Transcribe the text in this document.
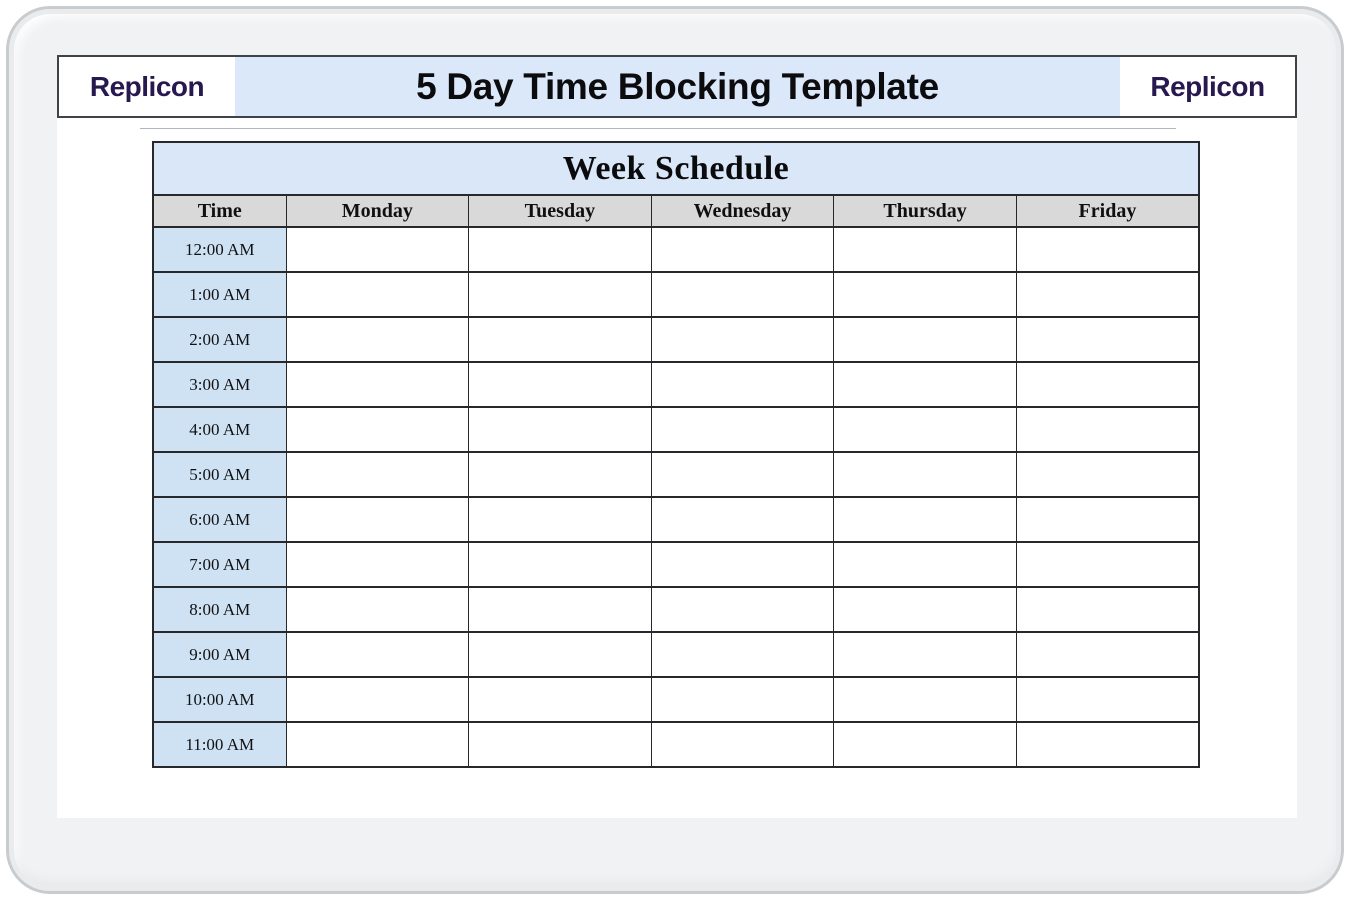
Replicon	5 Day Time Blocking Template	Replicon
Week Schedule					
Time	Monday	Tuesday	Wednesday	Thursday	Friday
12:00 AM					
1:00 AM					
2:00 AM					
3:00 AM					
4:00 AM					
5:00 AM					
6:00 AM					
7:00 AM					
8:00 AM					
9:00 AM					
10:00 AM					
11:00 AM					
